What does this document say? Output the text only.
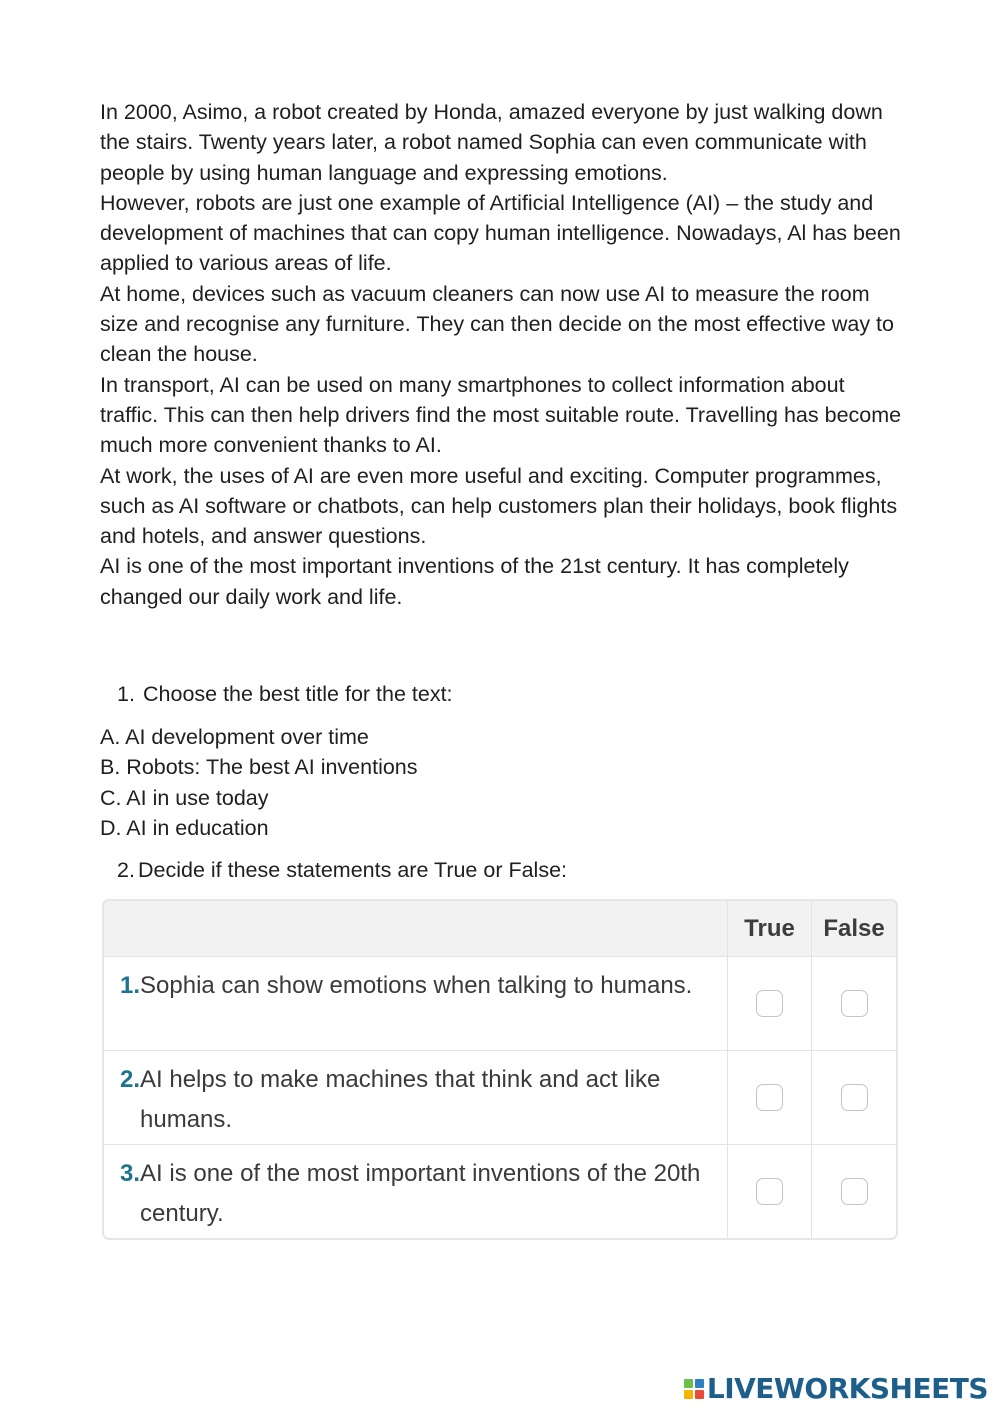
In 2000, Asimo, a robot created by Honda, amazed everyone by just walking down the stairs. Twenty years later, a robot named Sophia can even communicate with people by using human language and expressing emotions.

However, robots are just one example of Artificial Intelligence (AI) – the study and development of machines that can copy human intelligence. Nowadays, Al has been applied to various areas of life.

At home, devices such as vacuum cleaners can now use AI to measure the room size and recognise any furniture. They can then decide on the most effective way to clean the house.

In transport, AI can be used on many smartphones to collect information about traffic. This can then help drivers find the most suitable route. Travelling has become much more convenient thanks to AI.

At work, the uses of AI are even more useful and exciting. Computer programmes, such as AI software or chatbots, can help customers plan their holidays, book flights and hotels, and answer questions.

AI is one of the most important inventions of the 21st century. It has completely changed our daily work and life.

1. Choose the best title for the text:
A. AI development over time
B. Robots: The best AI inventions
C. AI in use today
D. AI in education
2. Decide if these statements are True or False:
True	False
1. Sophia can show emotions when talking to humans.
2. AI helps to make machines that think and act like humans.
3. AI is one of the most important inventions of the 20th century.
LIVEWORKSHEETS
